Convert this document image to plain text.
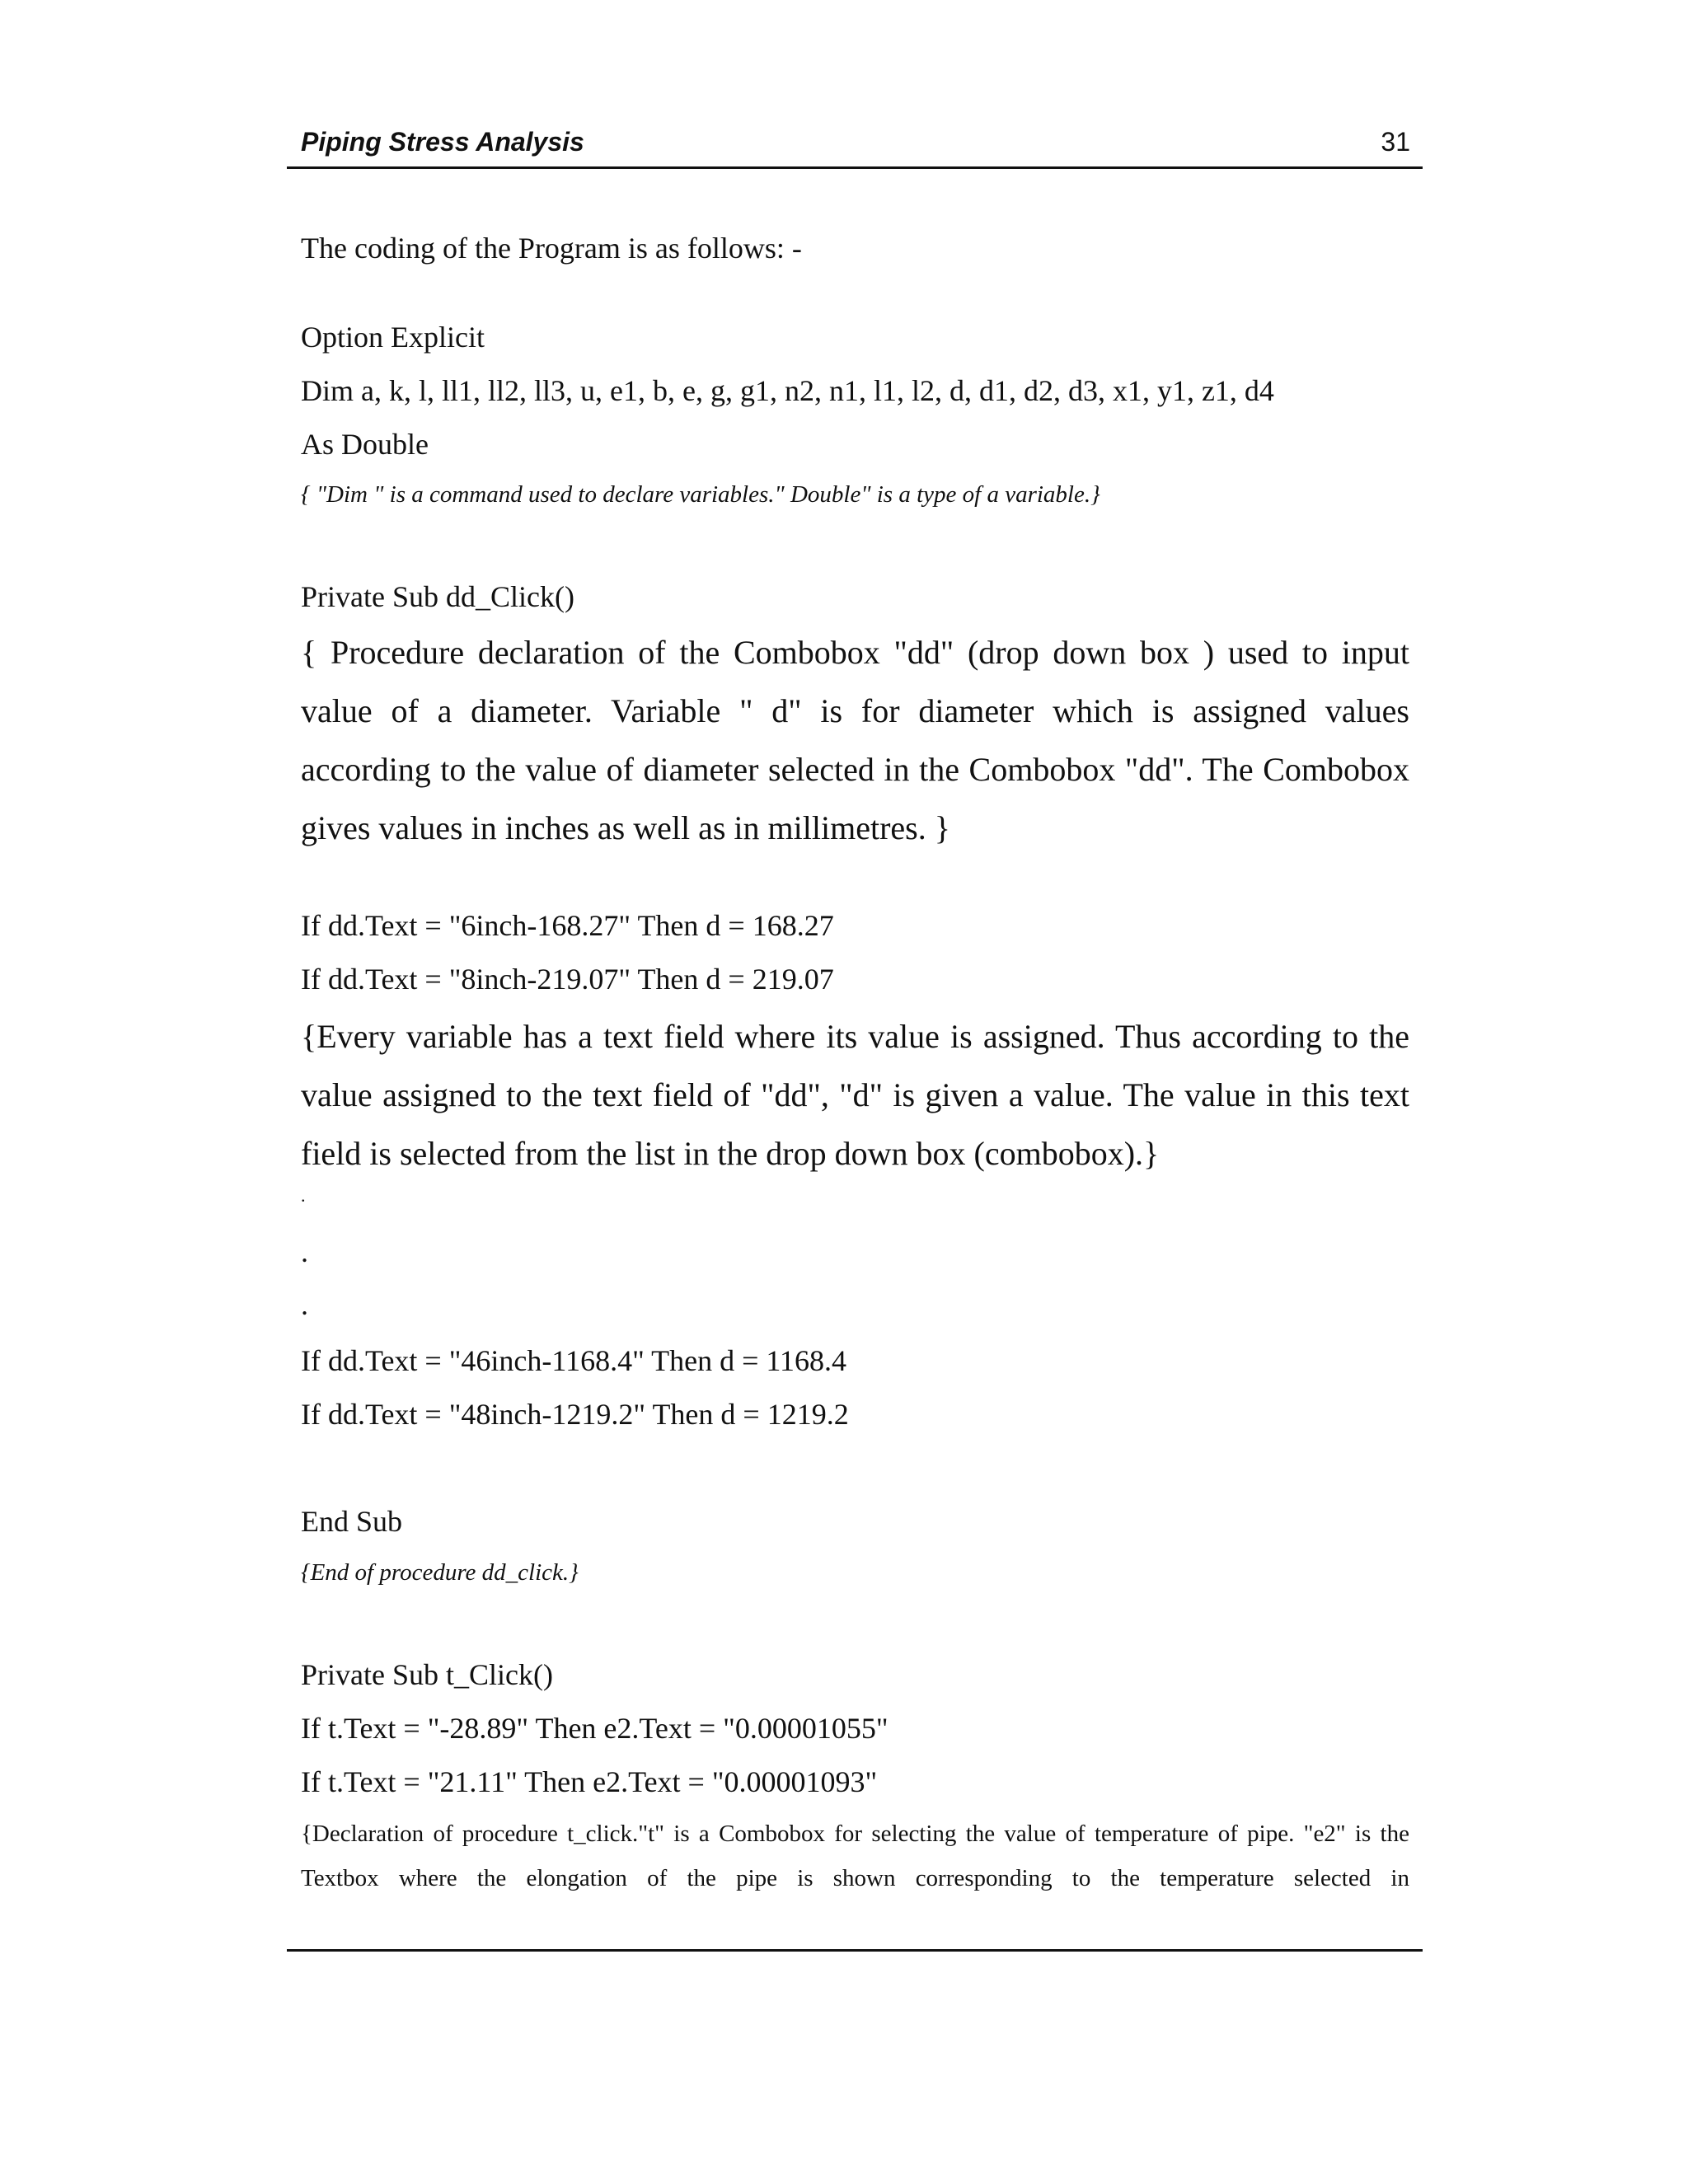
Piping Stress Analysis	31
The coding of the Program is as follows: -
Option Explicit
Dim a, k, l, ll1, ll2, ll3, u, e1, b, e, g, g1, n2, n1, l1, l2, d, d1, d2, d3, x1, y1, z1, d4
As Double
{ "Dim " is a command used to declare variables." Double" is a type of a variable.}
Private Sub dd_Click()
{ Procedure declaration of the Combobox "dd" (drop down box ) used to input value of a diameter. Variable " d" is for diameter which is assigned values according to the value of diameter selected in the Combobox "dd". The Combobox gives values in inches as well as in millimetres. }
If dd.Text = "6inch-168.27" Then d = 168.27
If dd.Text = "8inch-219.07" Then d = 219.07
{Every variable has a text field where its value is assigned. Thus according to the value assigned to the text field of "dd", "d" is given a value. The value in this text field is selected from the list in the drop down box (combobox).}
.
.
.
If dd.Text = "46inch-1168.4" Then d = 1168.4
If dd.Text = "48inch-1219.2" Then d = 1219.2
End Sub
{End of procedure dd_click.}
Private Sub t_Click()
If t.Text = "-28.89" Then e2.Text = "0.00001055"
If t.Text = "21.11" Then e2.Text = "0.00001093"
{Declaration of procedure t_click."t" is a Combobox for selecting the value of temperature of pipe. "e2" is the Textbox where the elongation of the pipe is shown corresponding to the temperature selected in
